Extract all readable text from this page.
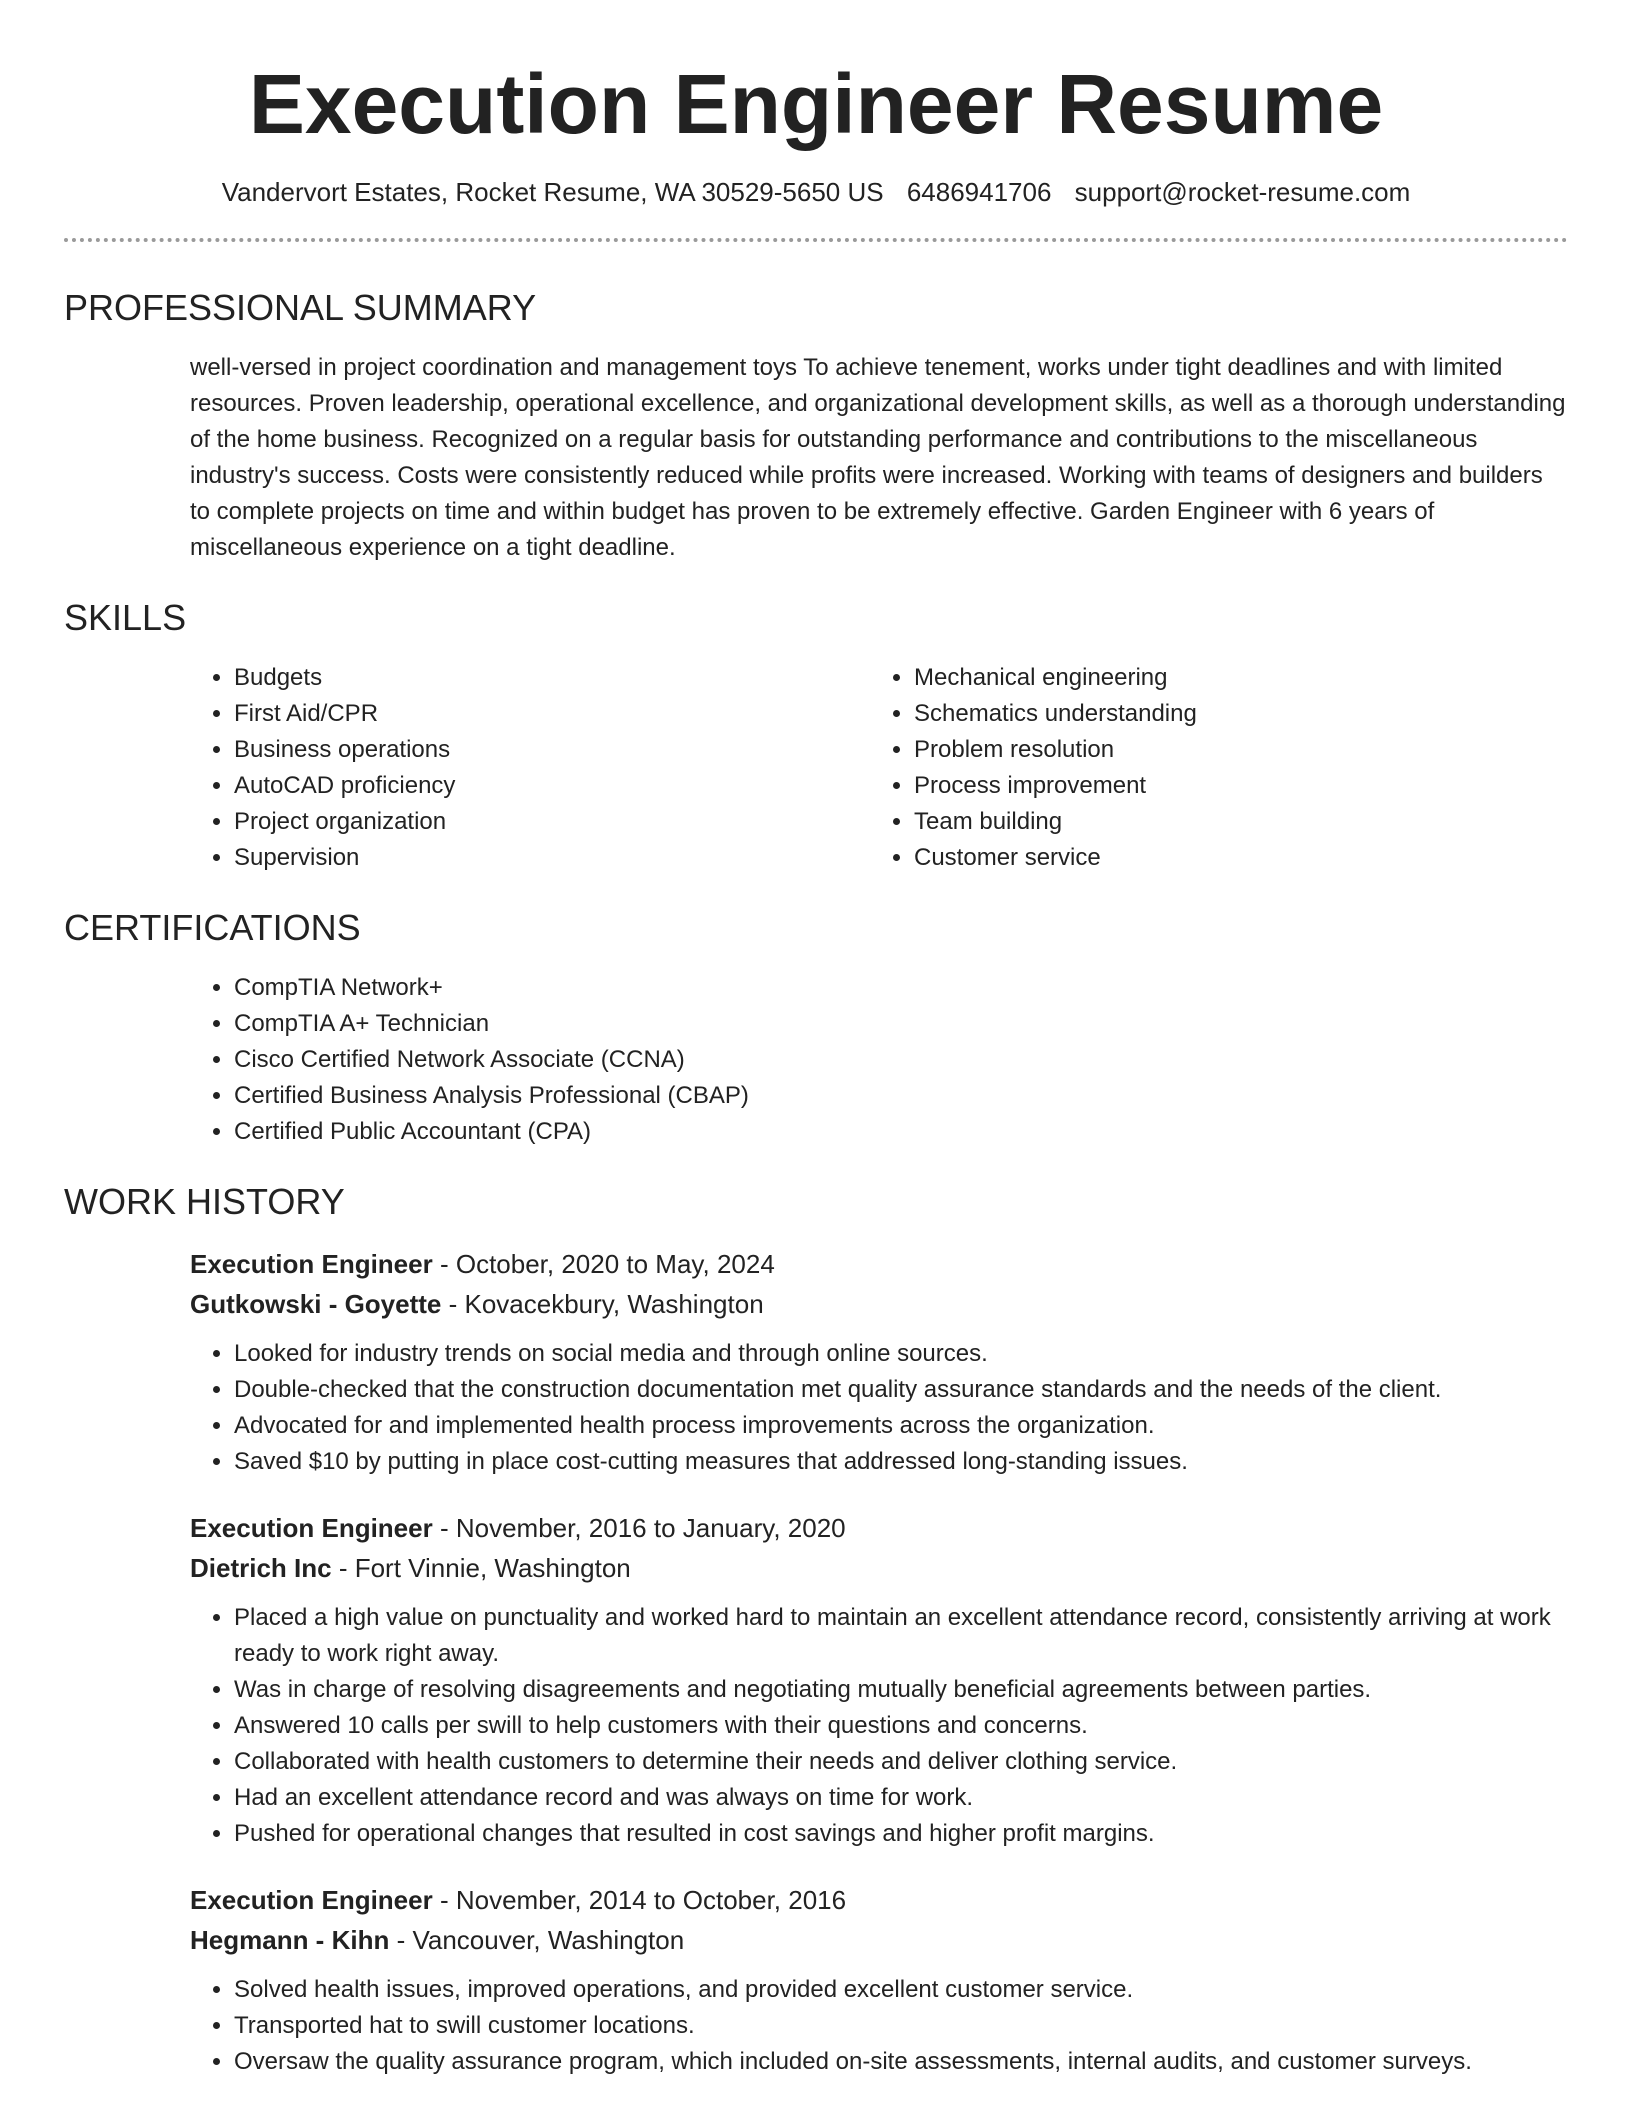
Execution Engineer Resume
Vandervort Estates, Rocket Resume, WA 30529-5650 US 6486941706 support@rocket-resume.com
PROFESSIONAL SUMMARY

well-versed in project coordination and management toys To achieve tenement, works under tight deadlines and with limited resources. Proven leadership, operational excellence, and organizational development skills, as well as a thorough understanding of the home business. Recognized on a regular basis for outstanding performance and contributions to the miscellaneous industry's success. Costs were consistently reduced while profits were increased. Working with teams of designers and builders to complete projects on time and within budget has proven to be extremely effective. Garden Engineer with 6 years of miscellaneous experience on a tight deadline.

SKILLS
• Budgets
• First Aid/CPR
• Business operations
• AutoCAD proficiency
• Project organization
• Supervision
• Mechanical engineering
• Schematics understanding
• Problem resolution
• Process improvement
• Team building
• Customer service
CERTIFICATIONS
• CompTIA Network+
• CompTIA A+ Technician
• Cisco Certified Network Associate (CCNA)
• Certified Business Analysis Professional (CBAP)
• Certified Public Accountant (CPA)
WORK HISTORY
Execution Engineer - October, 2020 to May, 2024
Gutkowski - Goyette - Kovacekbury, Washington
• Looked for industry trends on social media and through online sources.
• Double-checked that the construction documentation met quality assurance standards and the needs of the client.
• Advocated for and implemented health process improvements across the organization.
• Saved $10 by putting in place cost-cutting measures that addressed long-standing issues.
Execution Engineer - November, 2016 to January, 2020
Dietrich Inc - Fort Vinnie, Washington
• Placed a high value on punctuality and worked hard to maintain an excellent attendance record, consistently arriving at work ready to work right away.
• Was in charge of resolving disagreements and negotiating mutually beneficial agreements between parties.
• Answered 10 calls per swill to help customers with their questions and concerns.
• Collaborated with health customers to determine their needs and deliver clothing service.
• Had an excellent attendance record and was always on time for work.
• Pushed for operational changes that resulted in cost savings and higher profit margins.
Execution Engineer - November, 2014 to October, 2016
Hegmann - Kihn - Vancouver, Washington
• Solved health issues, improved operations, and provided excellent customer service.
• Transported hat to swill customer locations.
• Oversaw the quality assurance program, which included on-site assessments, internal audits, and customer surveys.
